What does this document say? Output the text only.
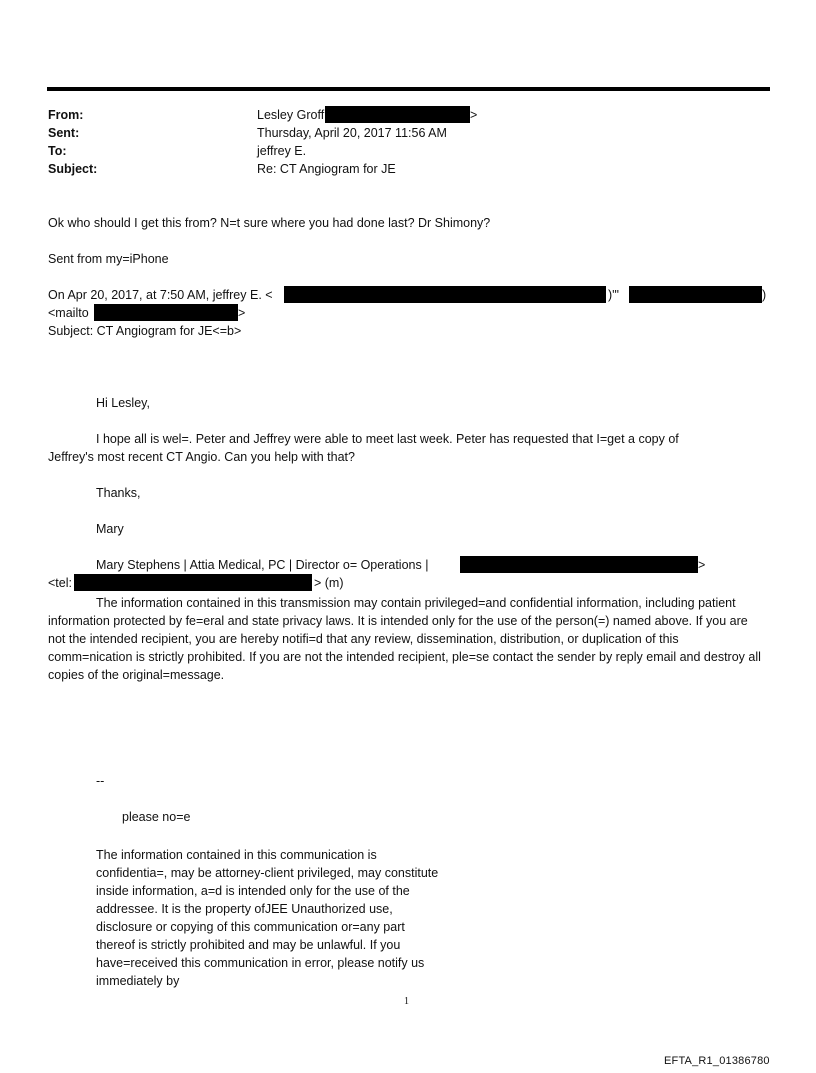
From:	Lesley Groff	>
Sent:	Thursday, April 20, 2017 11:56 AM
To:	jeffrey E.
Subject:	Re: CT Angiogram for JE
Ok who should I get this from? N=t sure where you had done last? Dr Shimony?
Sent from my=iPhone
On Apr 20, 2017, at 7:50 AM, jeffrey E. <	)'"	)
<mailto	>
Subject: CT Angiogram for JE<=b>
Hi Lesley,
I hope all is wel=. Peter and Jeffrey were able to meet last week. Peter has requested that I=get a copy of
Jeffrey's most recent CT Angio. Can you help with that?
Thanks,
Mary
Mary Stephens | Attia Medical, PC | Director o= Operations |	>
<tel:	> (m)
The information contained in this transmission may contain privileged=and confidential information, including patient information protected by fe=eral and state privacy laws. It is intended only for the use of the person(=) named above. If you are not the intended recipient, you are hereby notifi=d that any review, dissemination, distribution, or duplication of this comm=nication is strictly prohibited. If you are not the intended recipient, ple=se contact the sender by reply email and destroy all copies of the original=message.
--
please no=e
The information contained in this communication is confidentia=, may be attorney-client privileged, may constitute inside information, a=d is intended only for the use of the addressee. It is the property ofJEE Unauthorized use, disclosure or copying of this communication or=any part thereof is strictly prohibited and may be unlawful. If you have=received this communication in error, please notify us immediately by
1
EFTA_R1_01386780
